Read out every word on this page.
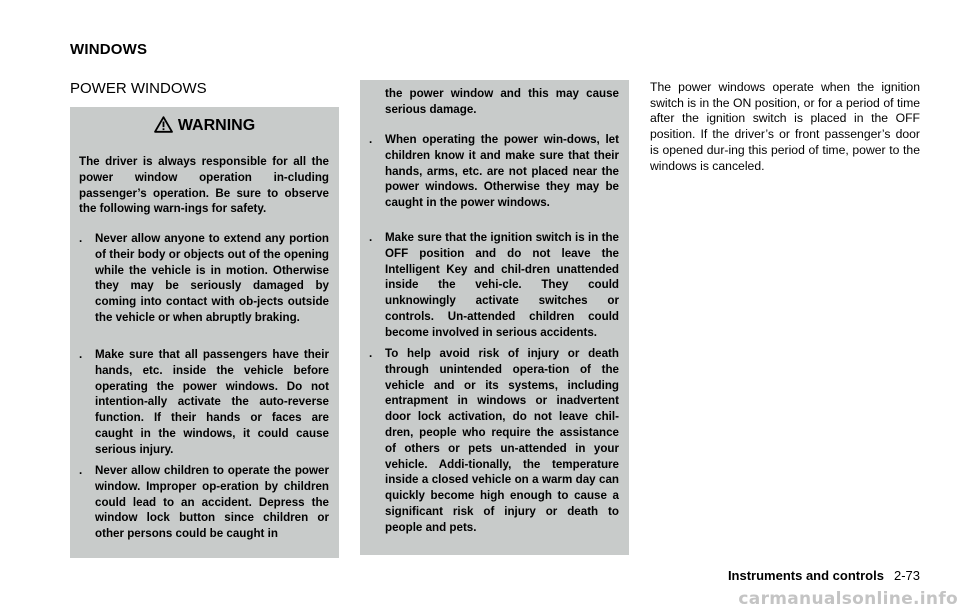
WINDOWS
POWER WINDOWS
WARNING
The driver is always responsible for all the power window operation in-cluding passenger’s operation. Be sure to observe the following warn-ings for safety.
. Never allow anyone to extend any portion of their body or objects out of the opening while the vehicle is in motion. Otherwise they may be seriously damaged by coming into contact with ob-jects outside the vehicle or when abruptly braking.
. Make sure that all passengers have their hands, etc. inside the vehicle before operating the power windows. Do not intention-ally activate the auto-reverse function. If their hands or faces are caught in the windows, it could cause serious injury.
. Never allow children to operate the power window. Improper op-eration by children could lead to an accident. Depress the window lock button since children or other persons could be caught in
the power window and this may cause serious damage.
. When operating the power win-dows, let children know it and make sure that their hands, arms, etc. are not placed near the power windows. Otherwise they may be caught in the power windows.
. Make sure that the ignition switch is in the OFF position and do not leave the Intelligent Key and chil-dren unattended inside the vehi-cle. They could unknowingly activate switches or controls. Un-attended children could become involved in serious accidents.
. To help avoid risk of injury or death through unintended opera-tion of the vehicle and or its systems, including entrapment in windows or inadvertent door lock activation, do not leave chil-dren, people who require the assistance of others or pets un-attended in your vehicle. Addi-tionally, the temperature inside a closed vehicle on a warm day can quickly become high enough to cause a significant risk of injury or death to people and pets.
The power windows operate when the ignition switch is in the ON position, or for a period of time after the ignition switch is placed in the OFF position. If the driver’s or front passenger’s door is opened dur-ing this period of time, power to the windows is canceled.
Instruments and controls 2-73
carmanualsonline.info
